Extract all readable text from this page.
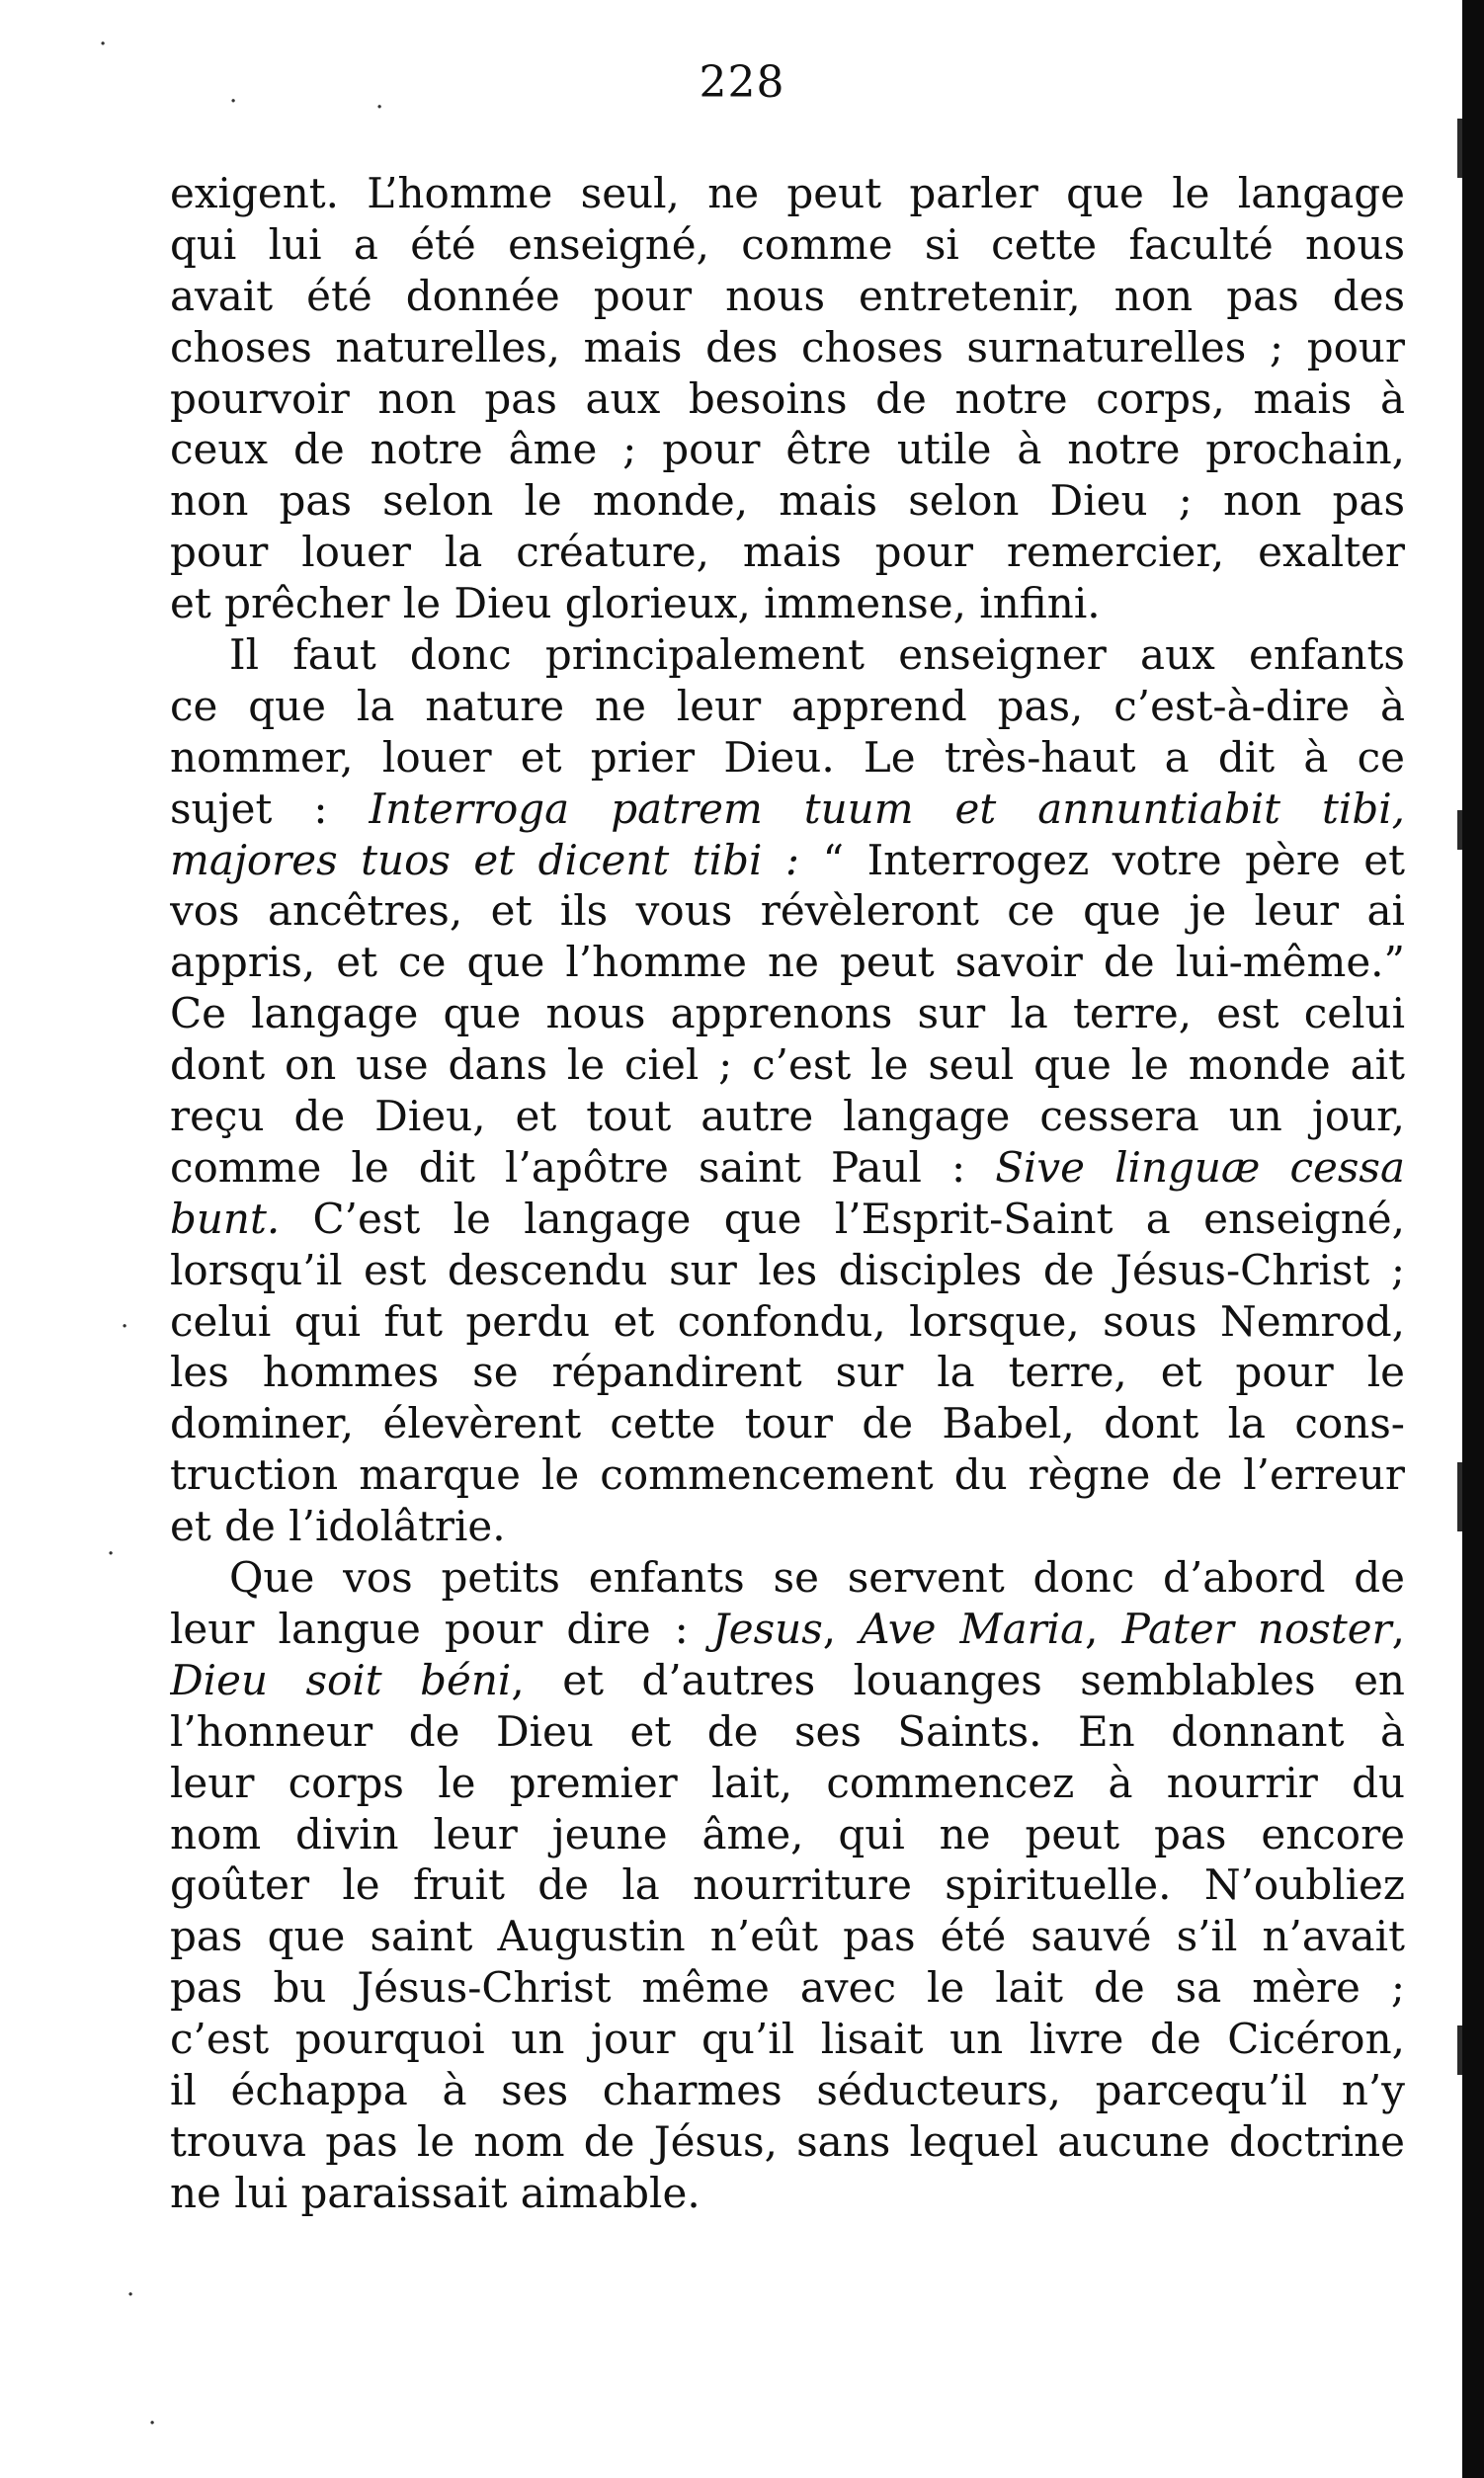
228
exigent. L’homme seul, ne peut parler que le langage
qui lui a été enseigné, comme si cette faculté nous
avait été donnée pour nous entretenir, non pas des
choses naturelles, mais des choses surnaturelles ; pour
pourvoir non pas aux besoins de notre corps, mais à
ceux de notre âme ; pour être utile à notre prochain,
non pas selon le monde, mais selon Dieu ; non pas
pour louer la créature, mais pour remercier, exalter
et prêcher le Dieu glorieux, immense, infini.
Il faut donc principalement enseigner aux enfants
ce que la nature ne leur apprend pas, c’est-à-dire à
nommer, louer et prier Dieu. Le très-haut a dit à ce
sujet : Interroga patrem tuum et annuntiabit tibi,
majores tuos et dicent tibi : “ Interrogez votre père et
vos ancêtres, et ils vous révèleront ce que je leur ai
appris, et ce que l’homme ne peut savoir de lui-même.”
Ce langage que nous apprenons sur la terre, est celui
dont on use dans le ciel ; c’est le seul que le monde ait
reçu de Dieu, et tout autre langage cessera un jour,
comme le dit l’apôtre saint Paul : Sive linguæ cessa
bunt. C’est le langage que l’Esprit-Saint a enseigné,
lorsqu’il est descendu sur les disciples de Jésus-Christ ;
celui qui fut perdu et confondu, lorsque, sous Nemrod,
les hommes se répandirent sur la terre, et pour le
dominer, élevèrent cette tour de Babel, dont la cons-
truction marque le commencement du règne de l’erreur
et de l’idolâtrie.
Que vos petits enfants se servent donc d’abord de
leur langue pour dire : Jesus, Ave Maria, Pater noster,
Dieu soit béni, et d’autres louanges semblables en
l’honneur de Dieu et de ses Saints. En donnant à
leur corps le premier lait, commencez à nourrir du
nom divin leur jeune âme, qui ne peut pas encore
goûter le fruit de la nourriture spirituelle. N’oubliez
pas que saint Augustin n’eût pas été sauvé s’il n’avait
pas bu Jésus-Christ même avec le lait de sa mère ;
c’est pourquoi un jour qu’il lisait un livre de Cicéron,
il échappa à ses charmes séducteurs, parcequ’il n’y
trouva pas le nom de Jésus, sans lequel aucune doctrine
ne lui paraissait aimable.
·
·	·
·
·
·
·
